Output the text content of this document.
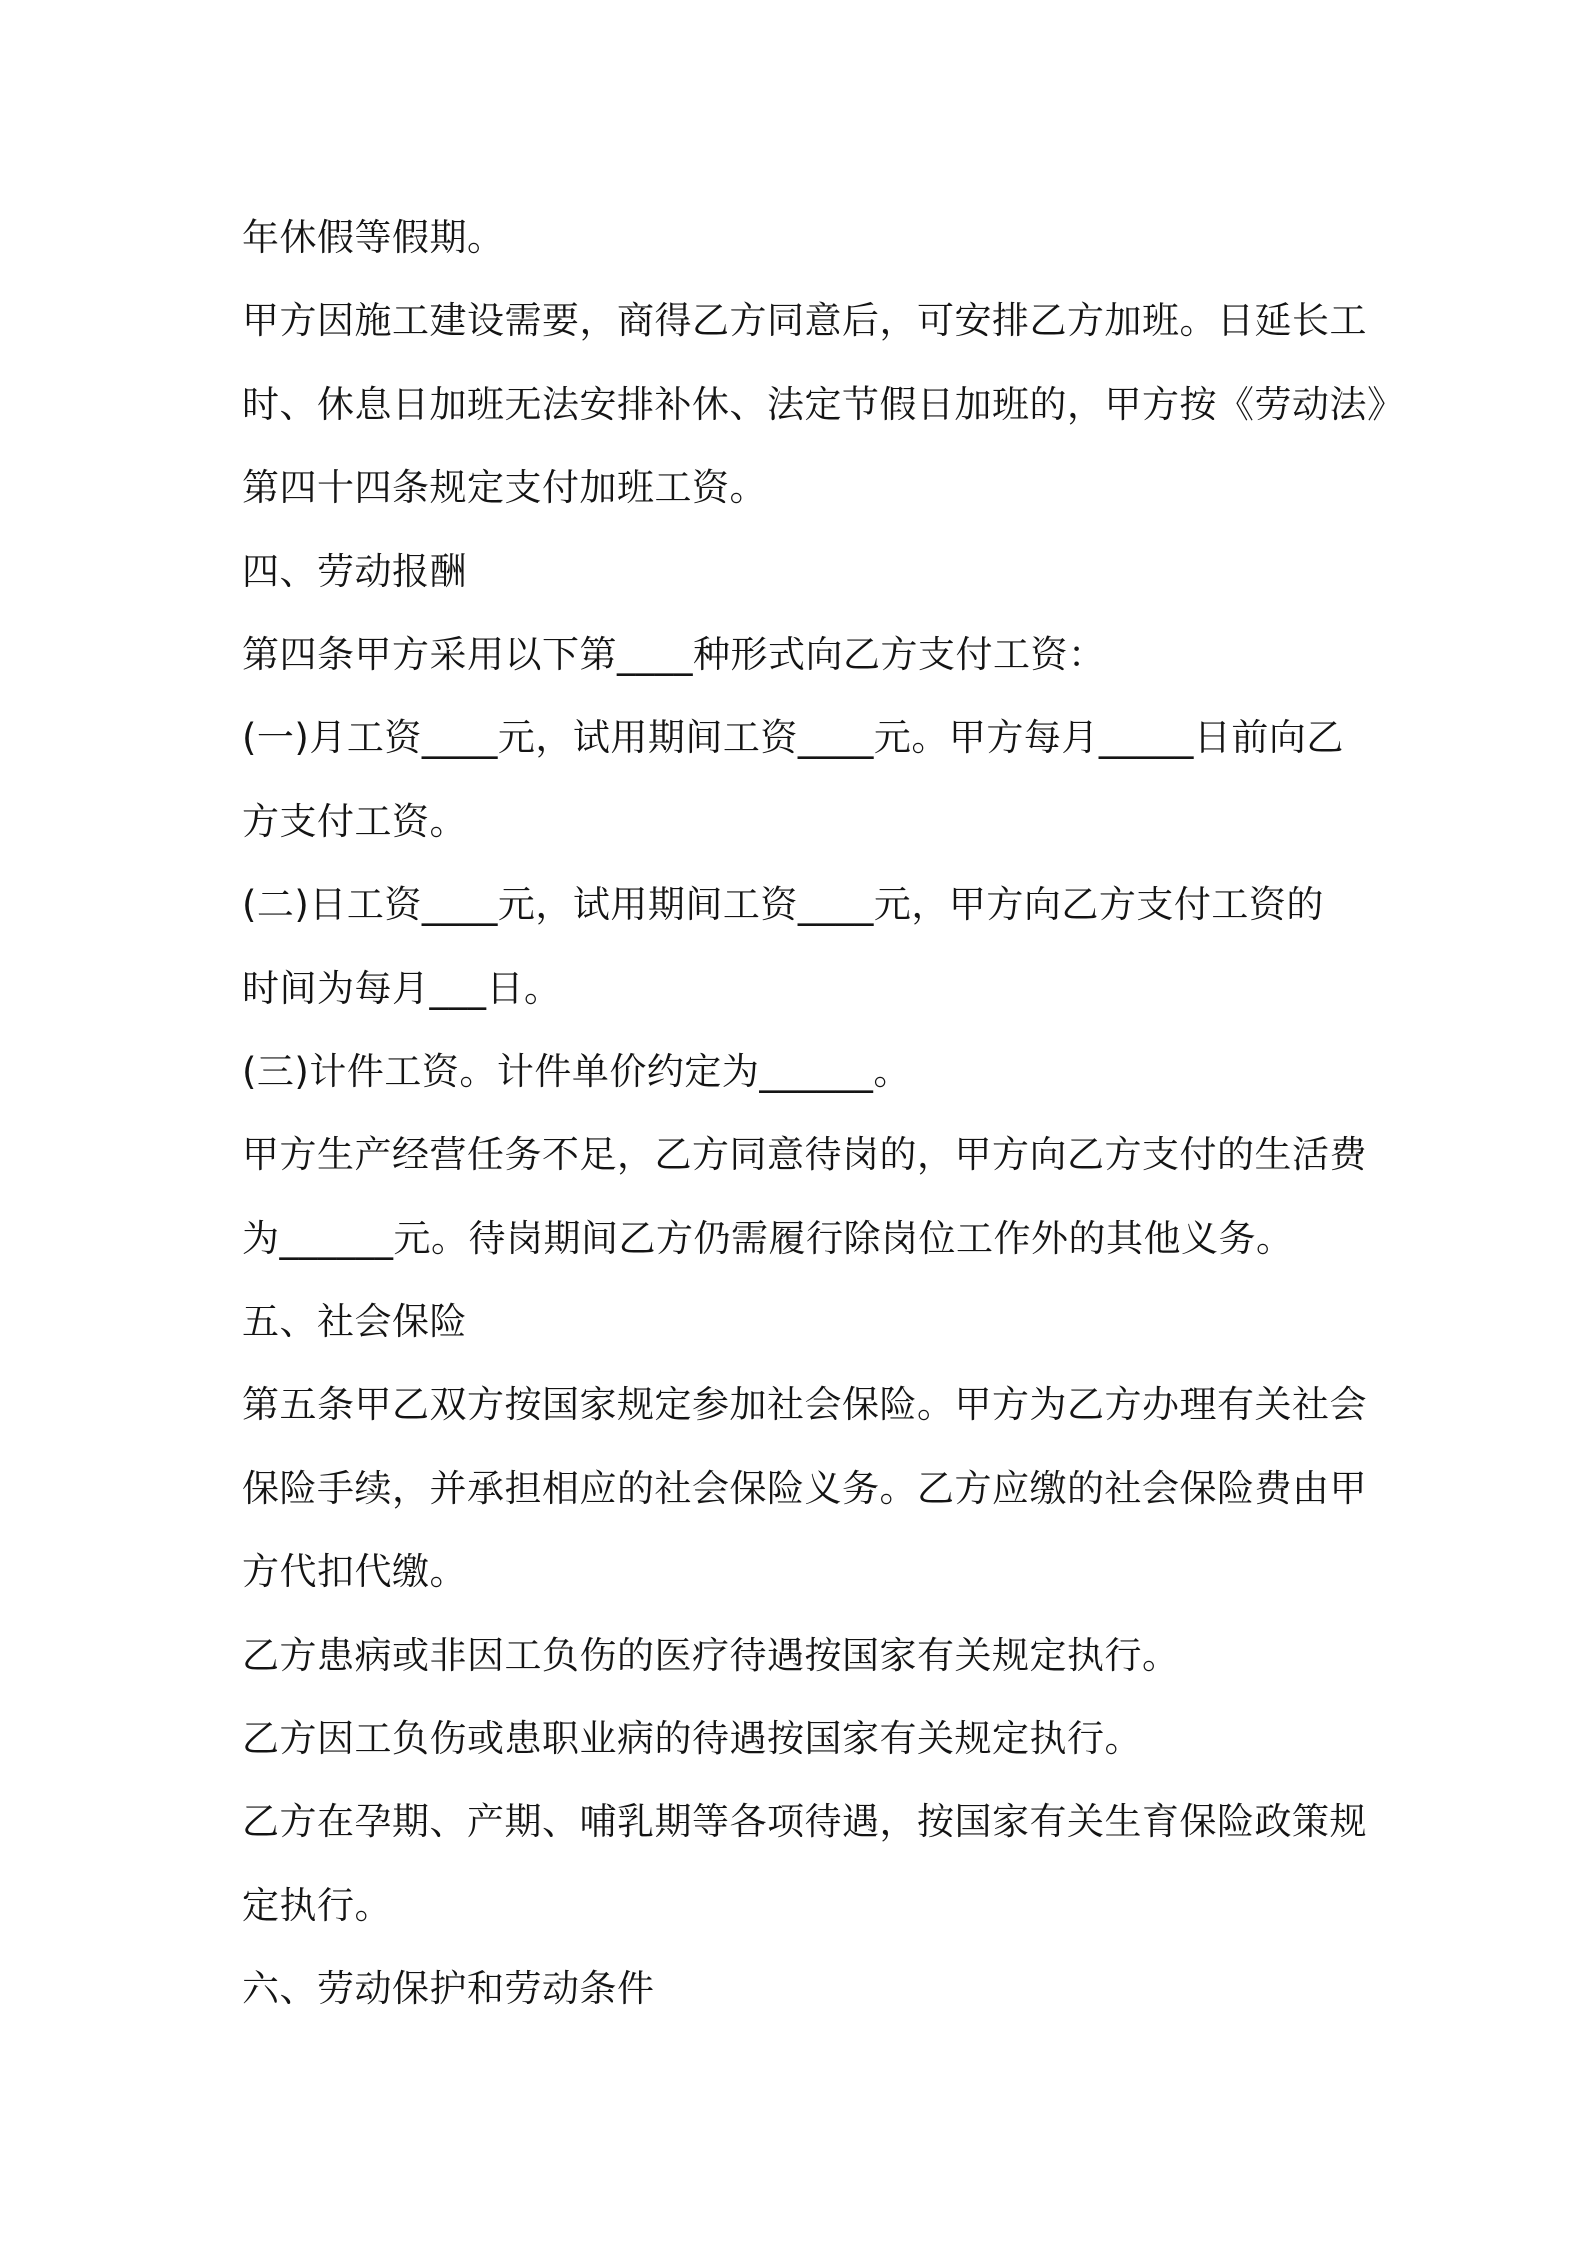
年休假等假期。
甲方因施工建设需要，商得乙方同意后，可安排乙方加班。日延长工
时、休息日加班无法安排补休、法定节假日加班的，甲方按《劳动法》
第四十四条规定支付加班工资。
四、劳动报酬
第四条甲方采用以下第____种形式向乙方支付工资：
(一)月工资____元，试用期间工资____元。甲方每月_____日前向乙
方支付工资。
(二)日工资____元，试用期间工资____元，甲方向乙方支付工资的
时间为每月___日。
(三)计件工资。计件单价约定为______。
甲方生产经营任务不足，乙方同意待岗的，甲方向乙方支付的生活费
为______元。待岗期间乙方仍需履行除岗位工作外的其他义务。
五、社会保险
第五条甲乙双方按国家规定参加社会保险。甲方为乙方办理有关社会
保险手续，并承担相应的社会保险义务。乙方应缴的社会保险费由甲
方代扣代缴。
乙方患病或非因工负伤的医疗待遇按国家有关规定执行。
乙方因工负伤或患职业病的待遇按国家有关规定执行。
乙方在孕期、产期、哺乳期等各项待遇，按国家有关生育保险政策规
定执行。
六、劳动保护和劳动条件
